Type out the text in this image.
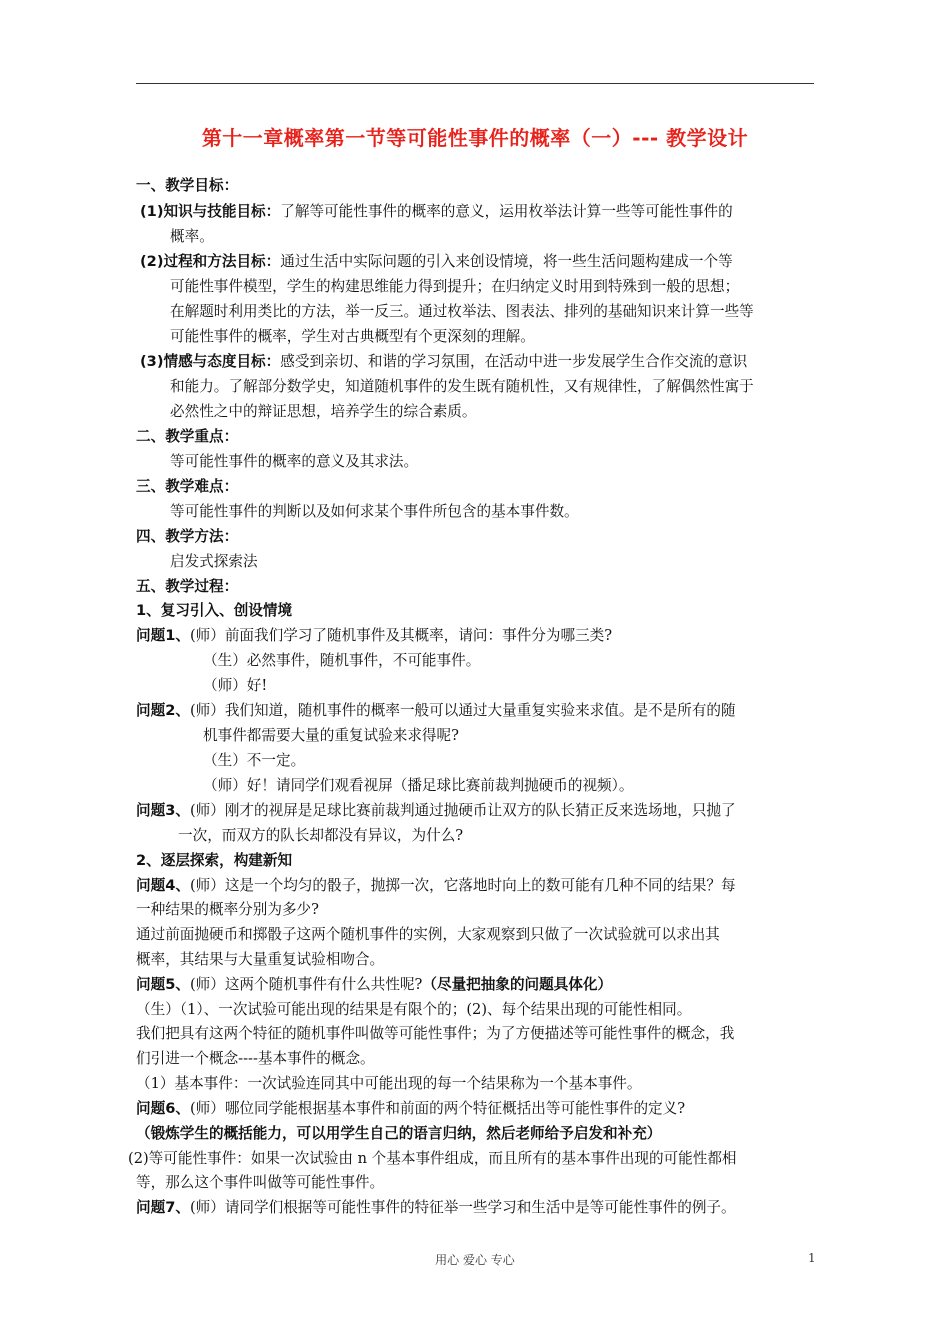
第十一章概率第一节等可能性事件的概率（一）--- 教学设计
一、教学目标：
(1)知识与技能目标：了解等可能性事件的概率的意义，运用枚举法计算一些等可能性事件的
概率。
(2)过程和方法目标：通过生活中实际问题的引入来创设情境，将一些生活问题构建成一个等
可能性事件模型，学生的构建思维能力得到提升；在归纳定义时用到特殊到一般的思想；
在解题时利用类比的方法，举一反三。通过枚举法、图表法、排列的基础知识来计算一些等
可能性事件的概率，学生对古典概型有个更深刻的理解。
(3)情感与态度目标：感受到亲切、和谐的学习氛围，在活动中进一步发展学生合作交流的意识
和能力。了解部分数学史，知道随机事件的发生既有随机性，又有规律性，了解偶然性寓于
必然性之中的辩证思想，培养学生的综合素质。
二、教学重点：
等可能性事件的概率的意义及其求法。
三、教学难点：
等可能性事件的判断以及如何求某个事件所包含的基本事件数。
四、教学方法：
启发式探索法
五、教学过程：
1、复习引入、创设情境
问题1、(师）前面我们学习了随机事件及其概率，请问：事件分为哪三类?
（生）必然事件，随机事件，不可能事件。
（师）好!
问题2、(师）我们知道，随机事件的概率一般可以通过大量重复实验来求值。是不是所有的随
机事件都需要大量的重复试验来求得呢?
（生）不一定。
（师）好！请同学们观看视屏（播足球比赛前裁判抛硬币的视频）。
问题3、(师）刚才的视屏是足球比赛前裁判通过抛硬币让双方的队长猜正反来选场地，只抛了
一次，而双方的队长却都没有异议，为什么?
2、逐层探索，构建新知
问题4、(师）这是一个均匀的骰子，抛掷一次，它落地时向上的数可能有几种不同的结果？每
一种结果的概率分别为多少?
通过前面抛硬币和掷骰子这两个随机事件的实例，大家观察到只做了一次试验就可以求出其
概率，其结果与大量重复试验相吻合。
问题5、(师）这两个随机事件有什么共性呢?（尽量把抽象的问题具体化）
（生）（1）、一次试验可能出现的结果是有限个的；(2)、每个结果出现的可能性相同。
我们把具有这两个特征的随机事件叫做等可能性事件；为了方便描述等可能性事件的概念，我
们引进一个概念----基本事件的概念。
（1）基本事件：一次试验连同其中可能出现的每一个结果称为一个基本事件。
问题6、(师）哪位同学能根据基本事件和前面的两个特征概括出等可能性事件的定义?
（锻炼学生的概括能力，可以用学生自己的语言归纳，然后老师给予启发和补充）
(2)等可能性事件：如果一次试验由 n 个基本事件组成，而且所有的基本事件出现的可能性都相
等，那么这个事件叫做等可能性事件。
问题7、(师）请同学们根据等可能性事件的特征举一些学习和生活中是等可能性事件的例子。
用心 爱心 专心	1
